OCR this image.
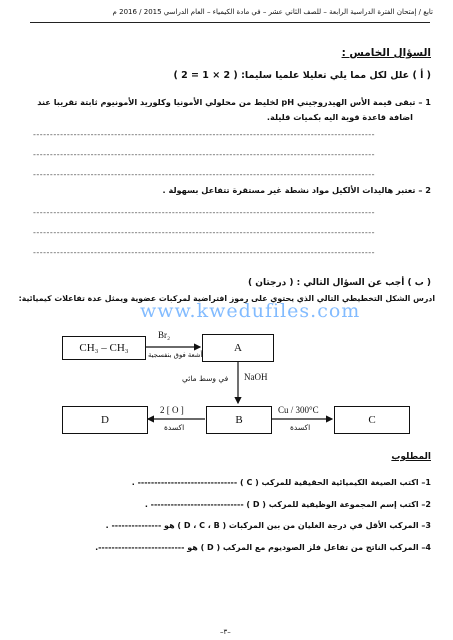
تابع / إمتحان الفترة الدراسية الرابعة – للصف الثاني عشر – في مادة الكيمياء – العام الدراسي 2015 / 2016 م
السؤال الخامس :
( أ ) علل لكل مما يلي تعليلا علميا سليما: ( 2 × 1 = 2 )
1 – تبقى قيمة الأس الهيدروجيني pH لخليط من محلولي الأمونيا وكلوريد الأمونيوم ثابتة تقريبا عند
اضافة قاعدة قوية اليه بكميات قليلة.
-----------------------------------------------------------------------------------------------------
-----------------------------------------------------------------------------------------------------
-----------------------------------------------------------------------------------------------------
2 – تعتبر هاليدات الألكيل مواد نشطة غير مستقرة تتفاعل بسهولة .
-----------------------------------------------------------------------------------------------------
-----------------------------------------------------------------------------------------------------
-----------------------------------------------------------------------------------------------------
( ب ) أجب عن السؤال التالي : ( درجتان )
ادرس الشكل التخطيطي التالي الذي يحتوي على رموز افتراضية لمركبات عضوية ويمثل عدة تفاعلات كيميائية:
www.kwedufiles.com
CH₃ – CH₃	A
B
D	C
Br₂
أشعة فوق بنفسجية
NaOH
في وسط مائي
2 [ O ]
اكسدة
Cu / 300°C
اكسدة
المطلوب
1– اكتب الصيغة الكيميائية الحقيقية للمركب ( C ) ------------------------------ .
2– اكتب إسم المجموعة الوظيفية للمركب ( D ) ---------------------------- .
3– المركب الأقل في درجة الغليان من بين المركبات ( D ، C ، B ) هو --------------- .
4– المركب الناتج من تفاعل فلز الصوديوم مع المركب ( D ) هو --------------------------.
–٣–
